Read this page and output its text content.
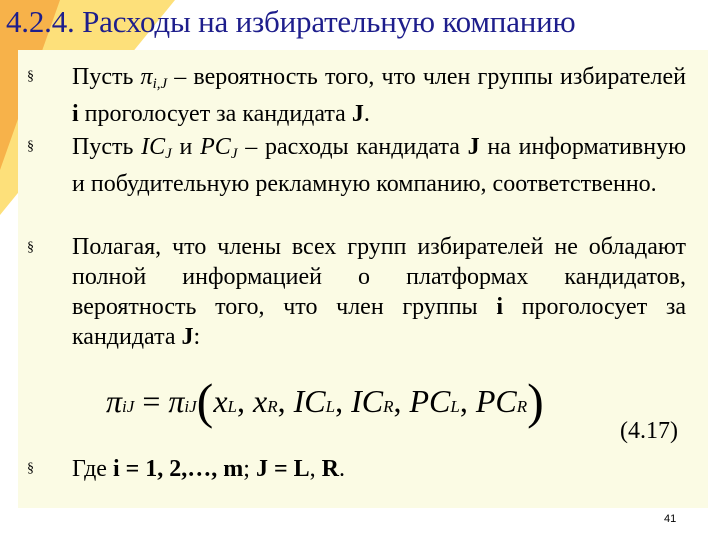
4.2.4. Расходы на избирательную компанию
§ Пусть πi,J – вероятность того, что член группы избирателей i проголосует за кандидата J.
§ Пусть ICJ и PCJ – расходы кандидата J на информативную и побудительную рекламную компанию, соответственно.
§ Полагая, что члены всех групп избирателей не обладают полной информацией о платформах кандидатов, вероятность того, что член группы i проголосует за кандидата J:
πiJ = πiJ(xL, xR, ICL, ICR, PCL, PCR)
(4.17)
§ Где i = 1, 2,…, m; J = L, R.
41
